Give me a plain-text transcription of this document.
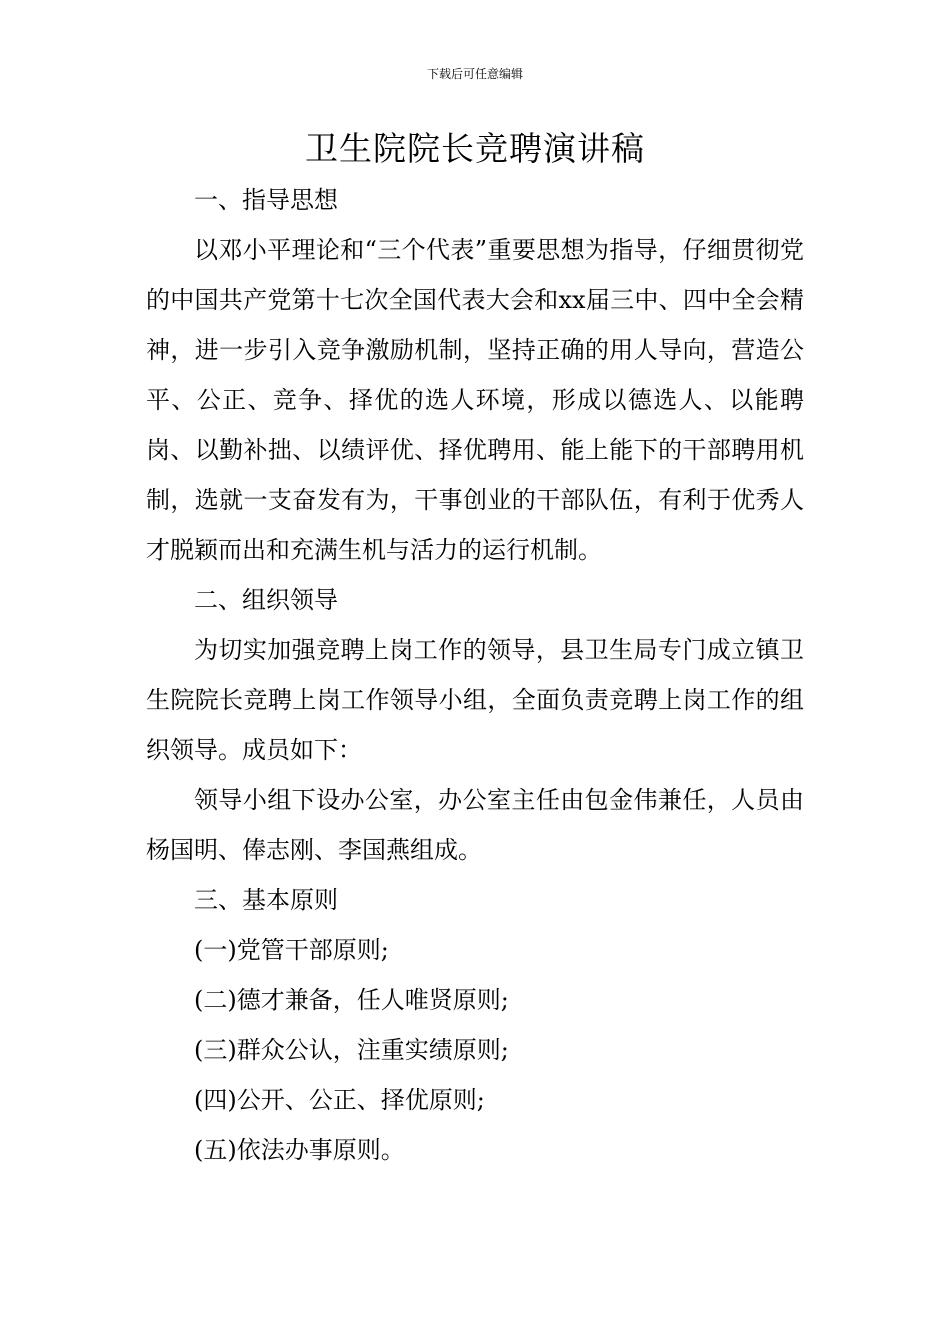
下载后可任意编辑
卫生院院长竞聘演讲稿

一、指导思想

以邓小平理论和“三个代表”重要思想为指导，仔细贯彻党的中国共产党第十七次全国代表大会和xx届三中、四中全会精神，进一步引入竞争激励机制，坚持正确的用人导向，营造公平、公正、竞争、择优的选人环境，形成以德选人、以能聘岗、以勤补拙、以绩评优、择优聘用、能上能下的干部聘用机制，选就一支奋发有为，干事创业的干部队伍，有利于优秀人才脱颖而出和充满生机与活力的运行机制。

二、组织领导

为切实加强竞聘上岗工作的领导，县卫生局专门成立镇卫生院院长竞聘上岗工作领导小组，全面负责竞聘上岗工作的组织领导。成员如下：

领导小组下设办公室，办公室主任由包金伟兼任，人员由杨国明、俸志刚、李国燕组成。

三、基本原则

(一)党管干部原则;

(二)德才兼备，任人唯贤原则;

(三)群众公认，注重实绩原则;

(四)公开、公正、择优原则;

(五)依法办事原则。
